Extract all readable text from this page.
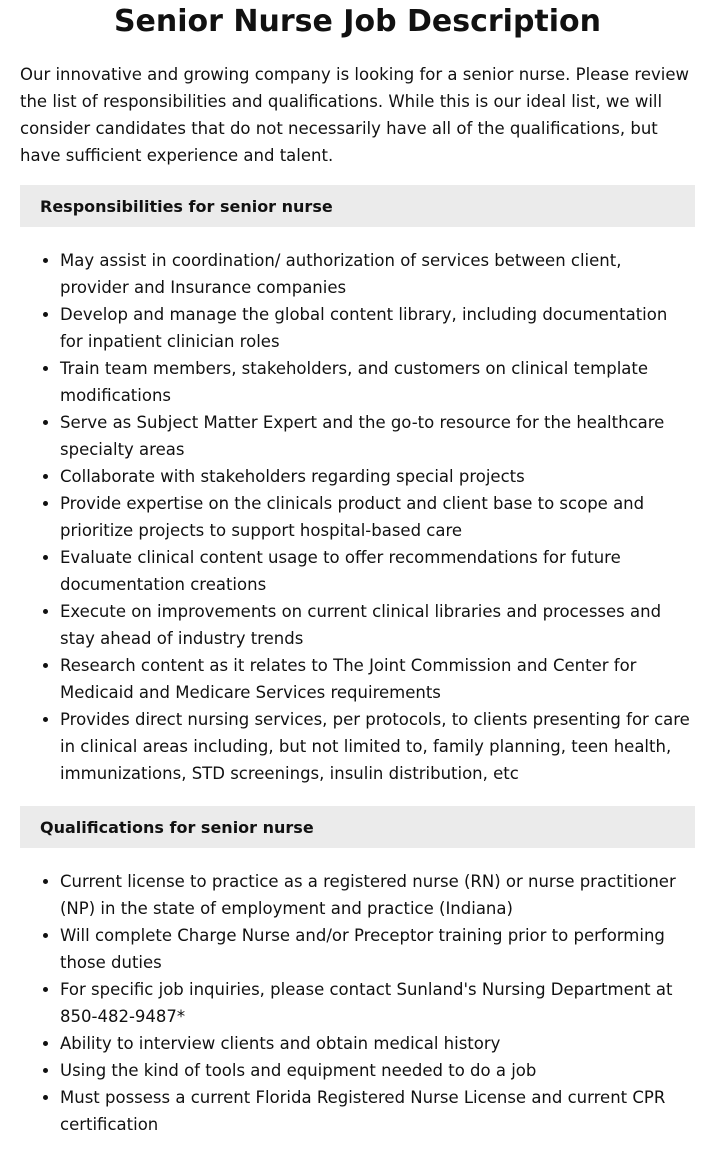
Senior Nurse Job Description

Our innovative and growing company is looking for a senior nurse. Please review the list of responsibilities and qualifications. While this is our ideal list, we will consider candidates that do not necessarily have all of the qualifications, but have sufficient experience and talent.

Responsibilities for senior nurse
• May assist in coordination/ authorization of services between client, provider and Insurance companies
• Develop and manage the global content library, including documentation for inpatient clinician roles
• Train team members, stakeholders, and customers on clinical template modifications
• Serve as Subject Matter Expert and the go-to resource for the healthcare specialty areas
• Collaborate with stakeholders regarding special projects
• Provide expertise on the clinicals product and client base to scope and prioritize projects to support hospital-based care
• Evaluate clinical content usage to offer recommendations for future documentation creations
• Execute on improvements on current clinical libraries and processes and stay ahead of industry trends
• Research content as it relates to The Joint Commission and Center for Medicaid and Medicare Services requirements
• Provides direct nursing services, per protocols, to clients presenting for care in clinical areas including, but not limited to, family planning, teen health, immunizations, STD screenings, insulin distribution, etc
Qualifications for senior nurse
• Current license to practice as a registered nurse (RN) or nurse practitioner (NP) in the state of employment and practice (Indiana)
• Will complete Charge Nurse and/or Preceptor training prior to performing those duties
• For specific job inquiries, please contact Sunland's Nursing Department at 850-482-9487*
• Ability to interview clients and obtain medical history
• Using the kind of tools and equipment needed to do a job
• Must possess a current Florida Registered Nurse License and current CPR certification
